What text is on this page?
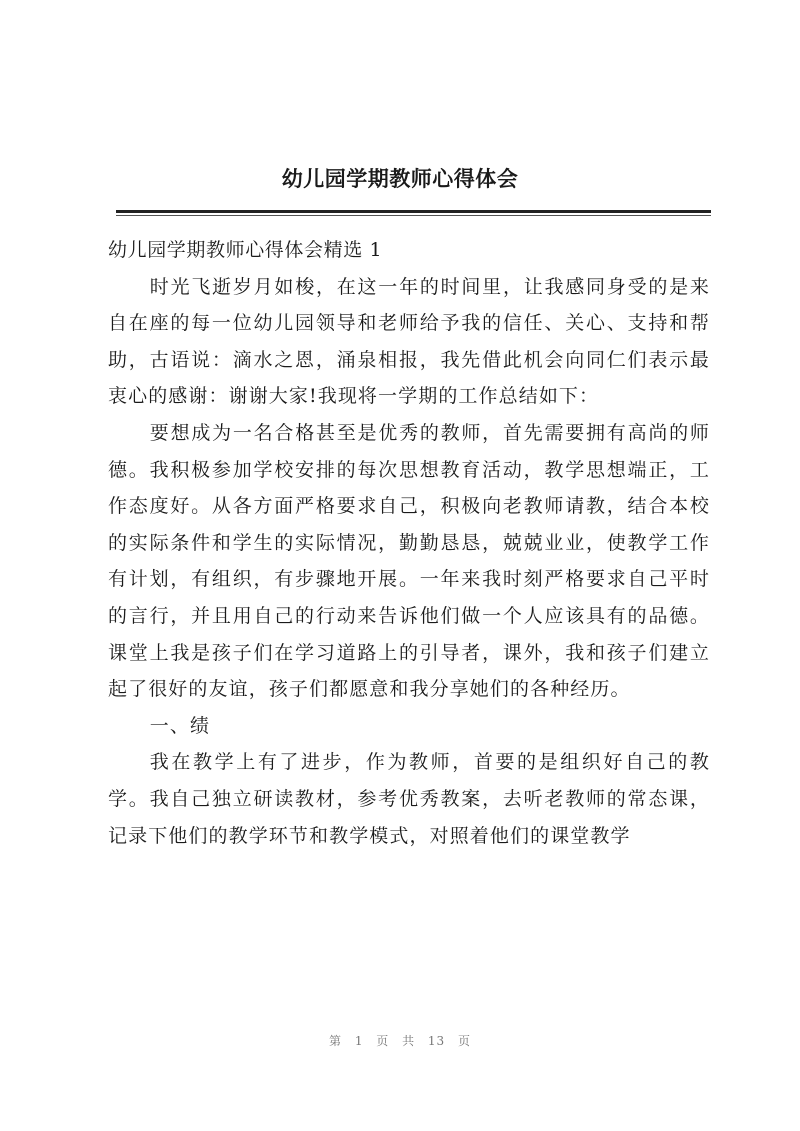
幼儿园学期教师心得体会

幼儿园学期教师心得体会精选 1

时光飞逝岁月如梭，在这一年的时间里，让我感同身受的是来自在座的每一位幼儿园领导和老师给予我的信任、关心、支持和帮助，古语说：滴水之恩，涌泉相报，我先借此机会向同仁们表示最衷心的感谢：谢谢大家!我现将一学期的工作总结如下：

要想成为一名合格甚至是优秀的教师，首先需要拥有高尚的师德。我积极参加学校安排的每次思想教育活动，教学思想端正，工作态度好。从各方面严格要求自己，积极向老教师请教，结合本校的实际条件和学生的实际情况，勤勤恳恳，兢兢业业，使教学工作有计划，有组织，有步骤地开展。一年来我时刻严格要求自己平时的言行，并且用自己的行动来告诉他们做一个人应该具有的品德。课堂上我是孩子们在学习道路上的引导者，课外，我和孩子们建立起了很好的友谊，孩子们都愿意和我分享她们的各种经历。

一、绩

我在教学上有了进步，作为教师，首要的是组织好自己的教学。我自己独立研读教材，参考优秀教案，去听老教师的常态课，记录下他们的教学环节和教学模式，对照着他们的课堂教学

第 1 页 共 13 页
